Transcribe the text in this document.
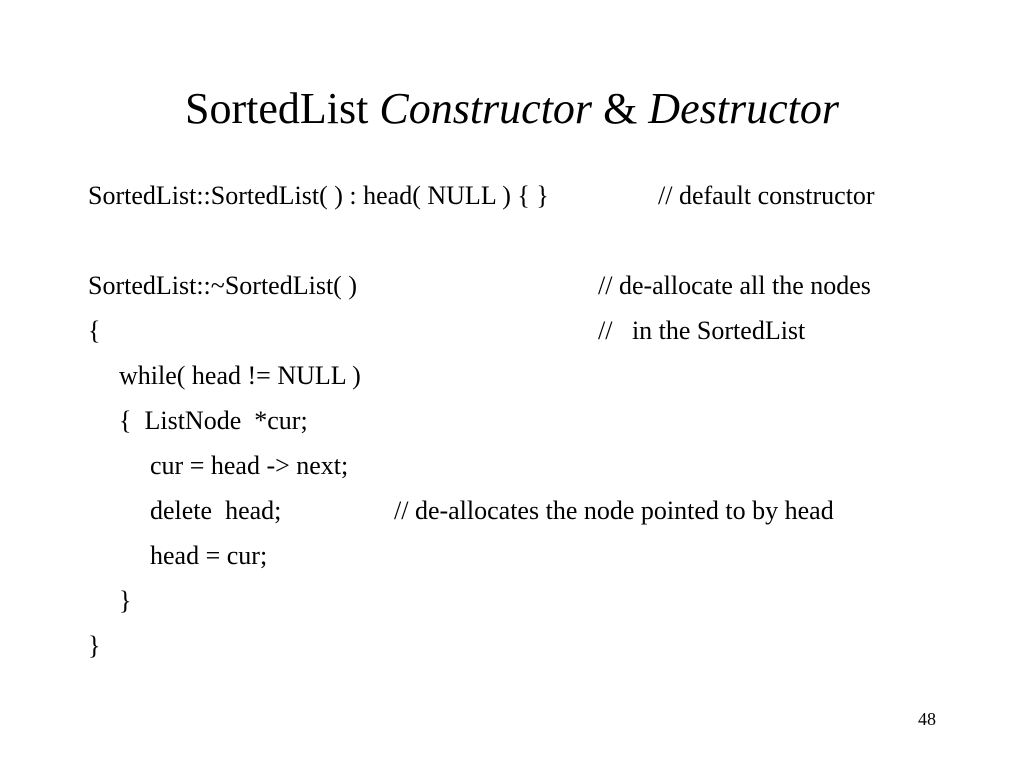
SortedList Constructor & Destructor
SortedList::SortedList( ) : head( NULL ) { }	// default constructor
SortedList::~SortedList( )	// de-allocate all the nodes
{	//   in the SortedList
while( head != NULL )
{  ListNode  *cur;
cur = head -> next;
delete  head;	// de-allocates the node pointed to by head
head = cur;
}
}
48
